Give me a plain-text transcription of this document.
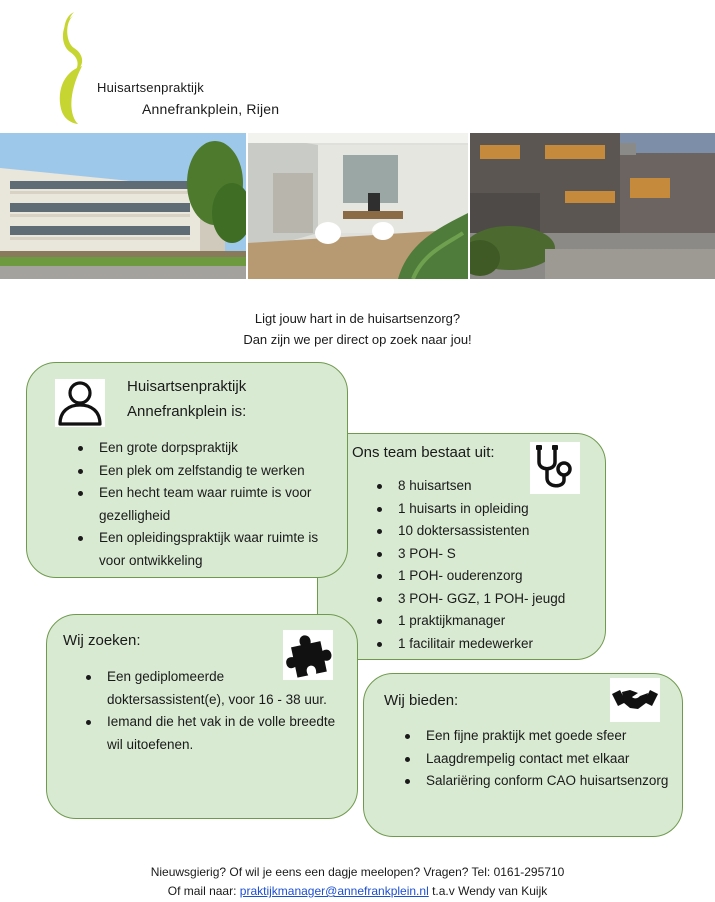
Huisartsenpraktijk
Annefrankplein, Rijen
Ligt jouw hart in de huisartsenzorg?
Dan zijn we per direct op zoek naar jou!
Ons team bestaat uit:
8 huisartsen
1 huisarts in opleiding
10 doktersassistenten
3 POH- S
1 POH- ouderenzorg
3 POH- GGZ, 1 POH- jeugd
1 praktijkmanager
1 facilitair medewerker
Huisartsenpraktijk
Annefrankplein is:
Een grote dorpspraktijk
Een plek om zelfstandig te werken
Een hecht team waar ruimte is voor gezelligheid
Een opleidingspraktijk waar ruimte is voor ontwikkeling
Wij zoeken:
Een gediplomeerde doktersassistent(e), voor 16 - 38 uur.
Iemand die het vak in de volle breedte wil uitoefenen.
Wij bieden:
Een fijne praktijk met goede sfeer
Laagdrempelig contact met elkaar
Salariëring conform CAO huisartsenzorg
Nieuwsgierig? Of wil je eens een dagje meelopen? Vragen? Tel: 0161-295710
Of mail naar: praktijkmanager@annefrankplein.nl t.a.v Wendy van Kuijk
